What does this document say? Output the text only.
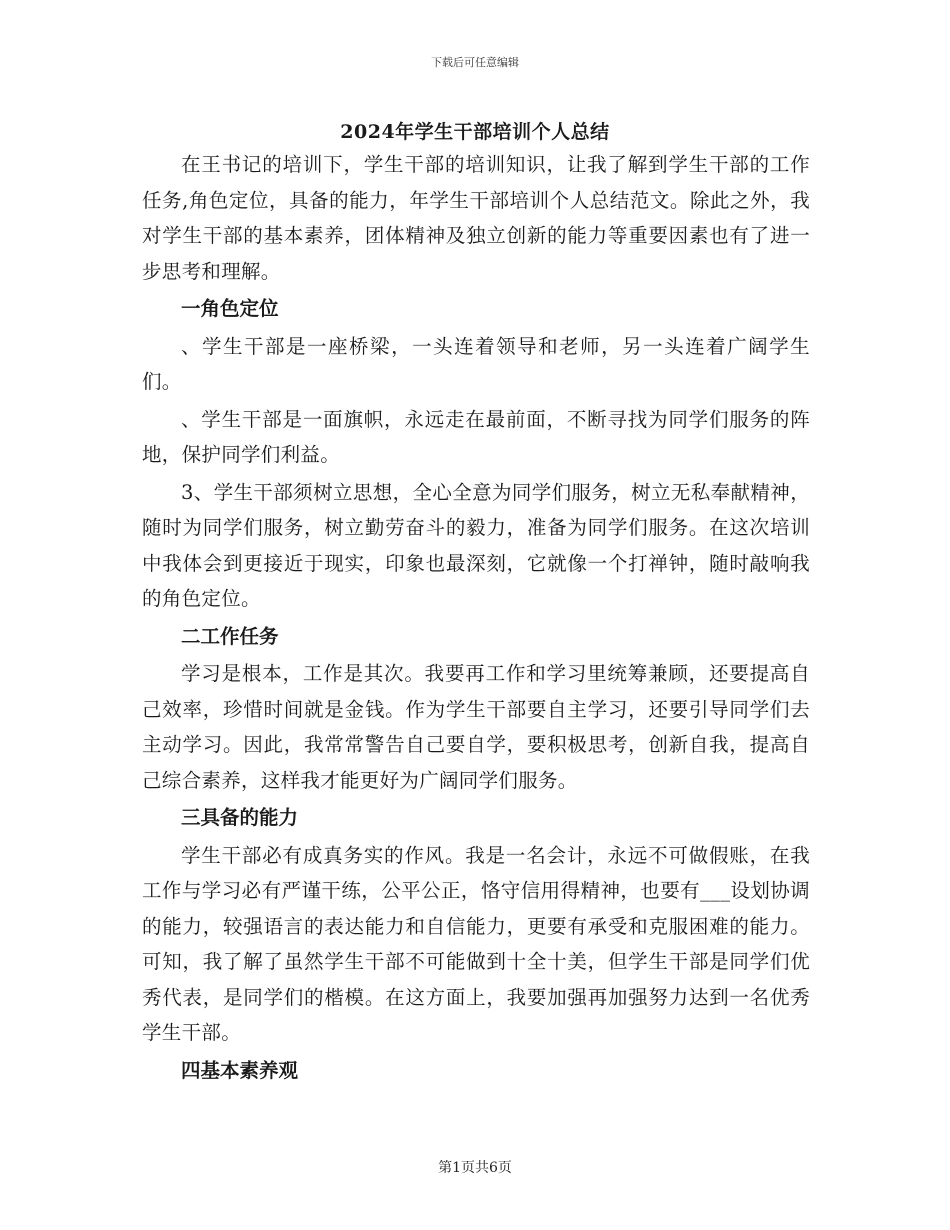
下载后可任意编辑
2024年学生干部培训个人总结

在王书记的培训下，学生干部的培训知识，让我了解到学生干部的工作任务,角色定位，具备的能力，年学生干部培训个人总结范文。除此之外，我对学生干部的基本素养，团体精神及独立创新的能力等重要因素也有了进一步思考和理解。

一角色定位

、学生干部是一座桥梁，一头连着领导和老师，另一头连着广阔学生们。

、学生干部是一面旗帜，永远走在最前面，不断寻找为同学们服务的阵地，保护同学们利益。

3、学生干部须树立思想，全心全意为同学们服务，树立无私奉献精神，随时为同学们服务，树立勤劳奋斗的毅力，准备为同学们服务。在这次培训中我体会到更接近于现实，印象也最深刻，它就像一个打禅钟，随时敲响我的角色定位。

二工作任务

学习是根本，工作是其次。我要再工作和学习里统筹兼顾，还要提高自己效率，珍惜时间就是金钱。作为学生干部要自主学习，还要引导同学们去主动学习。因此，我常常警告自己要自学，要积极思考，创新自我，提高自己综合素养，这样我才能更好为广阔同学们服务。

三具备的能力

学生干部必有成真务实的作风。我是一名会计，永远不可做假账，在我工作与学习必有严谨干练，公平公正，恪守信用得精神，也要有___设划协调的能力，较强语言的表达能力和自信能力，更要有承受和克服困难的能力。可知，我了解了虽然学生干部不可能做到十全十美，但学生干部是同学们优秀代表，是同学们的楷模。在这方面上，我要加强再加强努力达到一名优秀学生干部。

四基本素养观
第1页共6页
